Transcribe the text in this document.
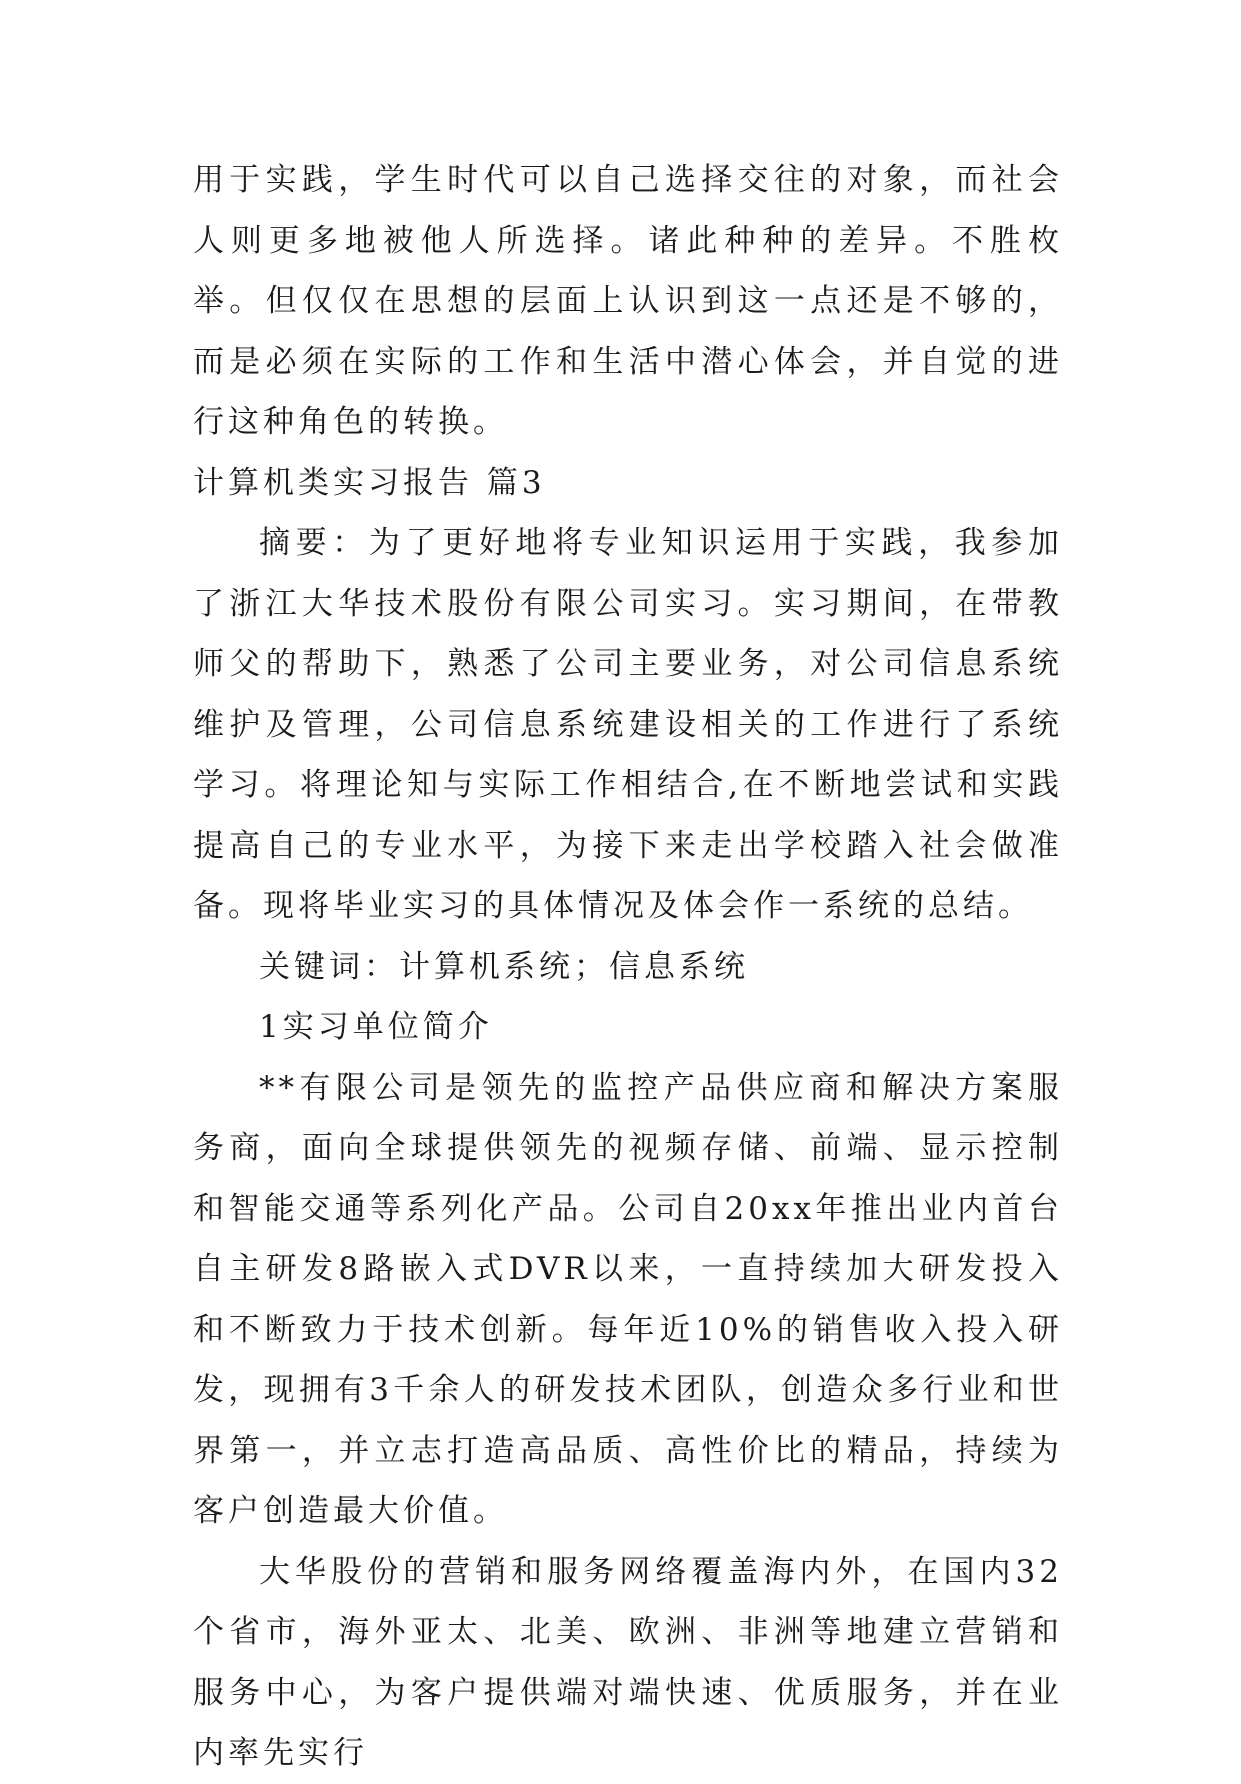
用于实践，学生时代可以自己选择交往的对象，而社会人则更多地被他人所选择。诸此种种的差异。不胜枚举。但仅仅在思想的层面上认识到这一点还是不够的，而是必须在实际的工作和生活中潜心体会，并自觉的进行这种角色的转换。

计算机类实习报告 篇3

摘要：为了更好地将专业知识运用于实践，我参加了浙江大华技术股份有限公司实习。实习期间，在带教师父的帮助下，熟悉了公司主要业务，对公司信息系统维护及管理，公司信息系统建设相关的工作进行了系统学习。将理论知与实际工作相结合,在不断地尝试和实践提高自己的专业水平，为接下来走出学校踏入社会做准备。现将毕业实习的具体情况及体会作一系统的总结。

关键词：计算机系统；信息系统

1实习单位简介

**有限公司是领先的监控产品供应商和解决方案服务商，面向全球提供领先的视频存储、前端、显示控制和智能交通等系列化产品。公司自20xx年推出业内首台自主研发8路嵌入式DVR以来，一直持续加大研发投入和不断致力于技术创新。每年近10%的销售收入投入研发，现拥有3千余人的研发技术团队，创造众多行业和世界第一，并立志打造高品质、高性价比的精品，持续为客户创造最大价值。

大华股份的营销和服务网络覆盖海内外，在国内32个省市，海外亚太、北美、欧洲、非洲等地建立营销和服务中心，为客户提供端对端快速、优质服务，并在业内率先实行
